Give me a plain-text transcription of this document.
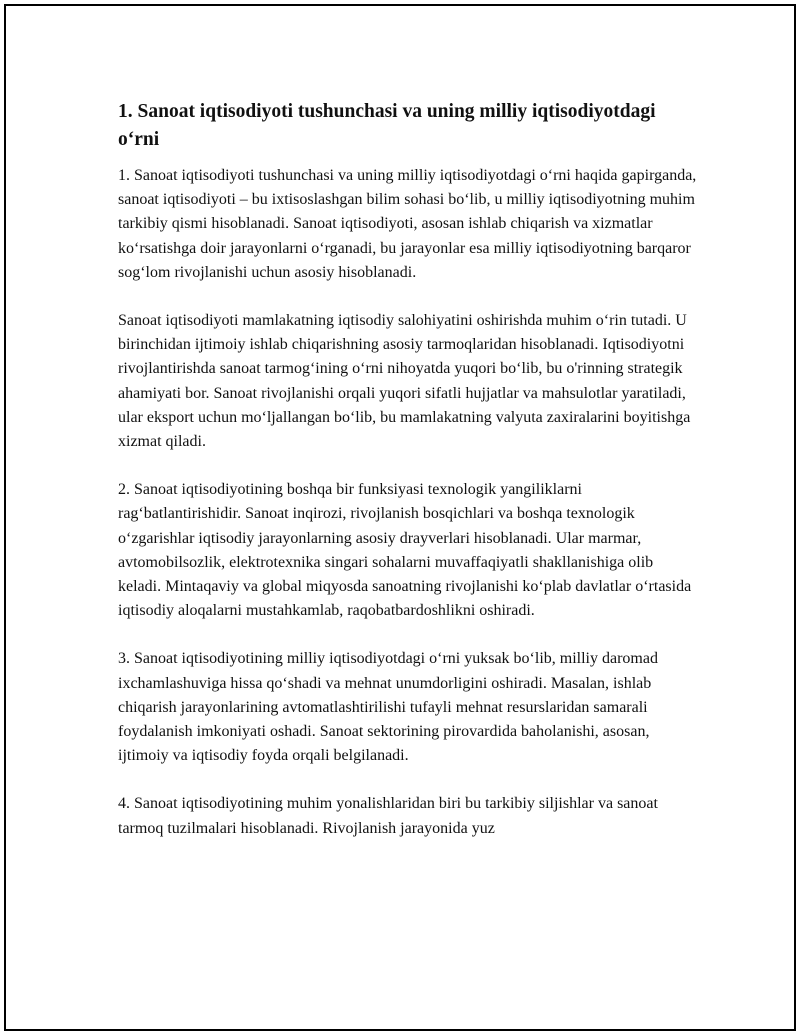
1. Sanoat iqtisodiyoti tushunchasi va uning milliy iqtisodiyotdagi o‘rni

1. Sanoat iqtisodiyoti tushunchasi va uning milliy iqtisodiyotdagi o‘rni haqida gapirganda, sanoat iqtisodiyoti – bu ixtisoslashgan bilim sohasi bo‘lib, u milliy iqtisodiyotning muhim tarkibiy qismi hisoblanadi. Sanoat iqtisodiyoti, asosan ishlab chiqarish va xizmatlar ko‘rsatishga doir jarayonlarni o‘rganadi, bu jarayonlar esa milliy iqtisodiyotning barqaror sog‘lom rivojlanishi uchun asosiy hisoblanadi.

Sanoat iqtisodiyoti mamlakatning iqtisodiy salohiyatini oshirishda muhim o‘rin tutadi. U birinchidan ijtimoiy ishlab chiqarishning asosiy tarmoqlaridan hisoblanadi. Iqtisodiyotni rivojlantirishda sanoat tarmog‘ining o‘rni nihoyatda yuqori bo‘lib, bu o'rinning strategik ahamiyati bor. Sanoat rivojlanishi orqali yuqori sifatli hujjatlar va mahsulotlar yaratiladi, ular eksport uchun mo‘ljallangan bo‘lib, bu mamlakatning valyuta zaxiralarini boyitishga xizmat qiladi.

2. Sanoat iqtisodiyotining boshqa bir funksiyasi texnologik yangiliklarni rag‘batlantirishidir. Sanoat inqirozi, rivojlanish bosqichlari va boshqa texnologik o‘zgarishlar iqtisodiy jarayonlarning asosiy drayverlari hisoblanadi. Ular marmar, avtomobilsozlik, elektrotexnika singari sohalarni muvaffaqiyatli shakllanishiga olib keladi. Mintaqaviy va global miqyosda sanoatning rivojlanishi ko‘plab davlatlar o‘rtasida iqtisodiy aloqalarni mustahkamlab, raqobatbardoshlikni oshiradi.

3. Sanoat iqtisodiyotining milliy iqtisodiyotdagi o‘rni yuksak bo‘lib, milliy daromad ixchamlashuviga hissa qo‘shadi va mehnat unumdorligini oshiradi. Masalan, ishlab chiqarish jarayonlarining avtomatlashtirilishi tufayli mehnat resurslaridan samarali foydalanish imkoniyati oshadi. Sanoat sektorining pirovardida baholanishi, asosan, ijtimoiy va iqtisodiy foyda orqali belgilanadi.

4. Sanoat iqtisodiyotining muhim yonalishlaridan biri bu tarkibiy siljishlar va sanoat tarmoq tuzilmalari hisoblanadi. Rivojlanish jarayonida yuz
